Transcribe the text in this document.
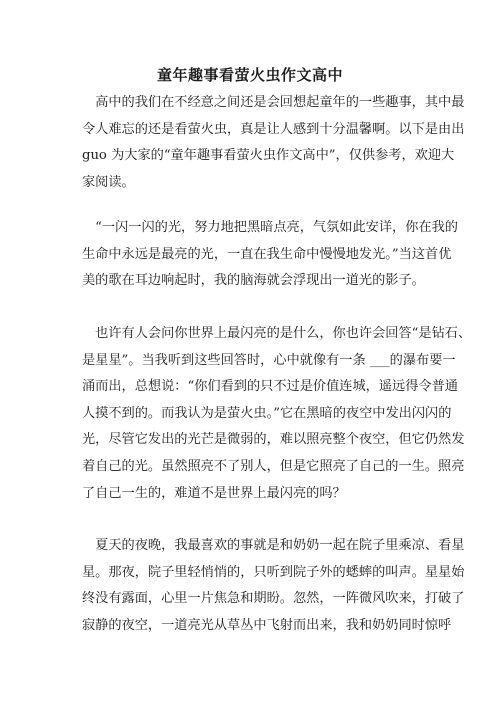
童年趣事看萤火虫作文高中
　高中的我们在不经意之间还是会回想起童年的一些趣事，其中最
令人难忘的还是看萤火虫，真是让人感到十分温馨啊。以下是由出
guo 为大家的“童年趣事看萤火虫作文高中”，仅供参考，欢迎大
家阅读。
　“一闪一闪的光，努力地把黑暗点亮，气氛如此安详，你在我的
生命中永远是最亮的光，一直在我生命中慢慢地发光。”当这首优
美的歌在耳边响起时，我的脑海就会浮现出一道光的影子。
　也许有人会问你世界上最闪亮的是什么，你也许会回答“是钻石、
是星星”。当我听到这些回答时，心中就像有一条 ___的瀑布要一
涌而出，总想说：“你们看到的只不过是价值连城，遥远得令普通
人摸不到的。而我认为是萤火虫。”它在黑暗的夜空中发出闪闪的
光，尽管它发出的光芒是微弱的，难以照亮整个夜空，但它仍然发
着自己的光。虽然照亮不了别人，但是它照亮了自己的一生。照亮
了自己一生的，难道不是世界上最闪亮的吗？
　夏天的夜晚，我最喜欢的事就是和奶奶一起在院子里乘凉、看星
星。那夜，院子里轻悄悄的，只听到院子外的蟋蟀的叫声。星星始
终没有露面，心里一片焦急和期盼。忽然，一阵微风吹来，打破了
寂静的夜空，一道亮光从草丛中飞射而出来，我和奶奶同时惊呼
